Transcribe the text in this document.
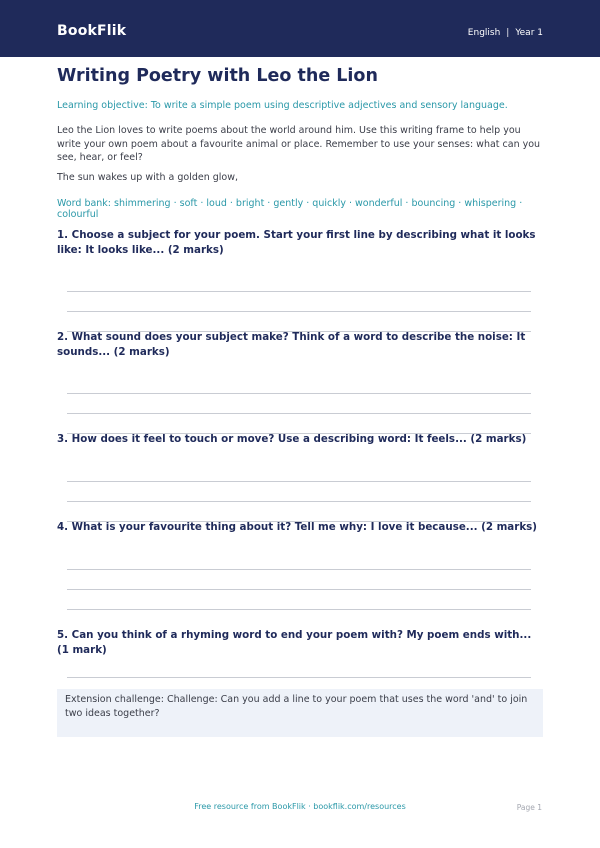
BookFlik	English | Year 1
Writing Poetry with Leo the Lion
Learning objective: To write a simple poem using descriptive adjectives and sensory language.
Leo the Lion loves to write poems about the world around him. Use this writing frame to help you write your own poem about a favourite animal or place. Remember to use your senses: what can you see, hear, or feel?
The sun wakes up with a golden glow,
Word bank: shimmering · soft · loud · bright · gently · quickly · wonderful · bouncing · whispering · colourful
1. Choose a subject for your poem. Start your first line by describing what it looks like: It looks like... (2 marks)
2. What sound does your subject make? Think of a word to describe the noise: It sounds... (2 marks)
3. How does it feel to touch or move? Use a describing word: It feels... (2 marks)
4. What is your favourite thing about it? Tell me why: I love it because... (2 marks)
5. Can you think of a rhyming word to end your poem with? My poem ends with... (1 mark)
Extension challenge: Challenge: Can you add a line to your poem that uses the word 'and' to join two ideas together?
Free resource from BookFlik · bookflik.com/resources	Page 1
